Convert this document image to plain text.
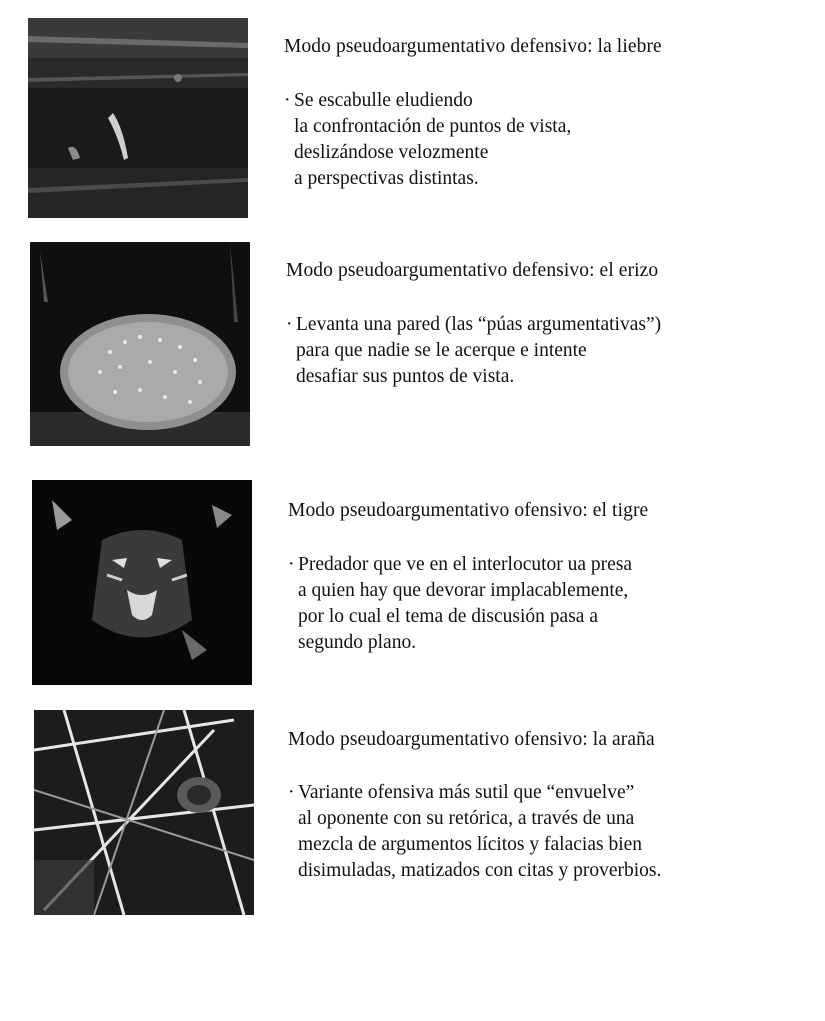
Modo pseudoargumentativo defensivo: la liebre
· Se escabulle eludiendo
la confrontación de puntos de vista,
deslizándose velozmente
a perspectivas distintas.
Modo pseudoargumentativo defensivo: el erizo
· Levanta una pared (las “púas argumentativas”)
para que nadie se le acerque e intente
desafiar sus puntos de vista.
Modo pseudoargumentativo ofensivo: el tigre
· Predador que ve en el interlocutor ua presa
a quien hay que devorar implacablemente,
por lo cual el tema de discusión pasa a
segundo plano.
Modo pseudoargumentativo ofensivo: la araña
· Variante ofensiva más sutil que “envuelve”
al oponente con su retórica, a través de una
mezcla de argumentos lícitos y falacias bien
disimuladas, matizados con citas y proverbios.
